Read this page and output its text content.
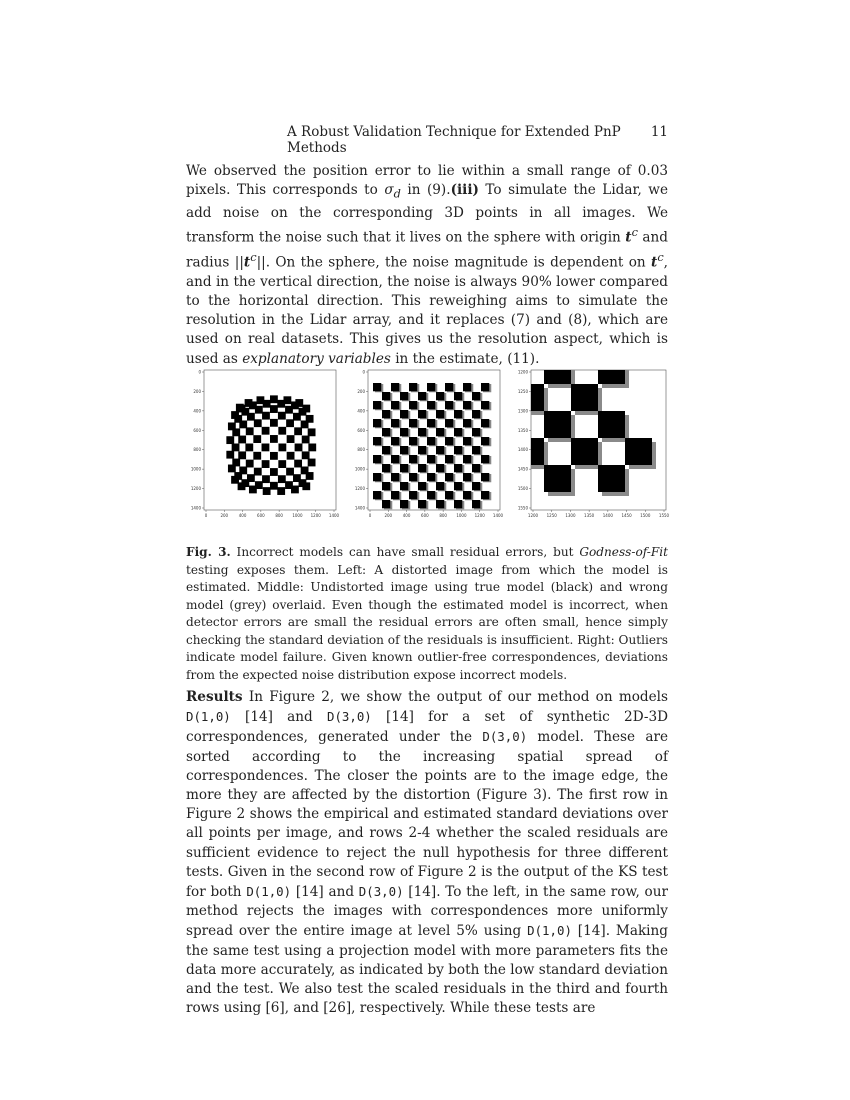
A Robust Validation Technique for Extended PnP Methods
11

We observed the position error to lie within a small range of 0.03 pixels. This corresponds to $\sigma_d$ in (9).(iii) To simulate the Lidar, we add noise on the corresponding 3D points in all images. We transform the noise such that it lives on the sphere with origin $t^c$ and radius $||t^c||$. On the sphere, the noise magnitude is dependent on $t^c$, and in the vertical direction, the noise is always 90% lower compared to the horizontal direction. This reweighing aims to simulate the resolution in the Lidar array, and it replaces (7) and (8), which are used on real datasets. This gives us the resolution aspect, which is used as explanatory variables in the estimate, (11).

0
200
400
600
800
1000
1200
1400
0	200	400	600	800 1000 1200 1400
0
200
400
600
800
1000
1200
1400
0	200	400	600	800 1000 1200 1400
1200
1250
1300
1350
1400
1450
1500
1550
1200 1250 1300 1350 1400 1450 1500 1550

Fig. 3. Incorrect models can have small residual errors, but Godness-of-Fit testing exposes them. Left: A distorted image from which the model is estimated. Middle: Undistorted image using true model (black) and wrong model (grey) overlaid. Even though the estimated model is incorrect, when detector errors are small the residual errors are often small, hence simply checking the standard deviation of the residuals is insufficient. Right: Outliers indicate model failure. Given known outlier-free correspondences, deviations from the expected noise distribution expose incorrect models.

Results In Figure 2, we show the output of our method on models D(1,0) [14] and D(3,0) [14] for a set of synthetic 2D-3D correspondences, generated under the D(3,0) model. These are sorted according to the increasing spatial spread of correspondences. The closer the points are to the image edge, the more they are affected by the distortion (Figure 3). The first row in Figure 2 shows the empirical and estimated standard deviations over all points per image, and rows 2-4 whether the scaled residuals are sufficient evidence to reject the null hypothesis for three different tests. Given in the second row of Figure 2 is the output of the KS test for both D(1,0) [14] and D(3,0) [14]. To the left, in the same row, our method rejects the images with correspondences more uniformly spread over the entire image at level 5% using D(1,0) [14]. Making the same test using a projection model with more parameters fits the data more accurately, as indicated by both the low standard deviation and the test. We also test the scaled residuals in the third and fourth rows using [6], and [26], respectively. While these tests are
